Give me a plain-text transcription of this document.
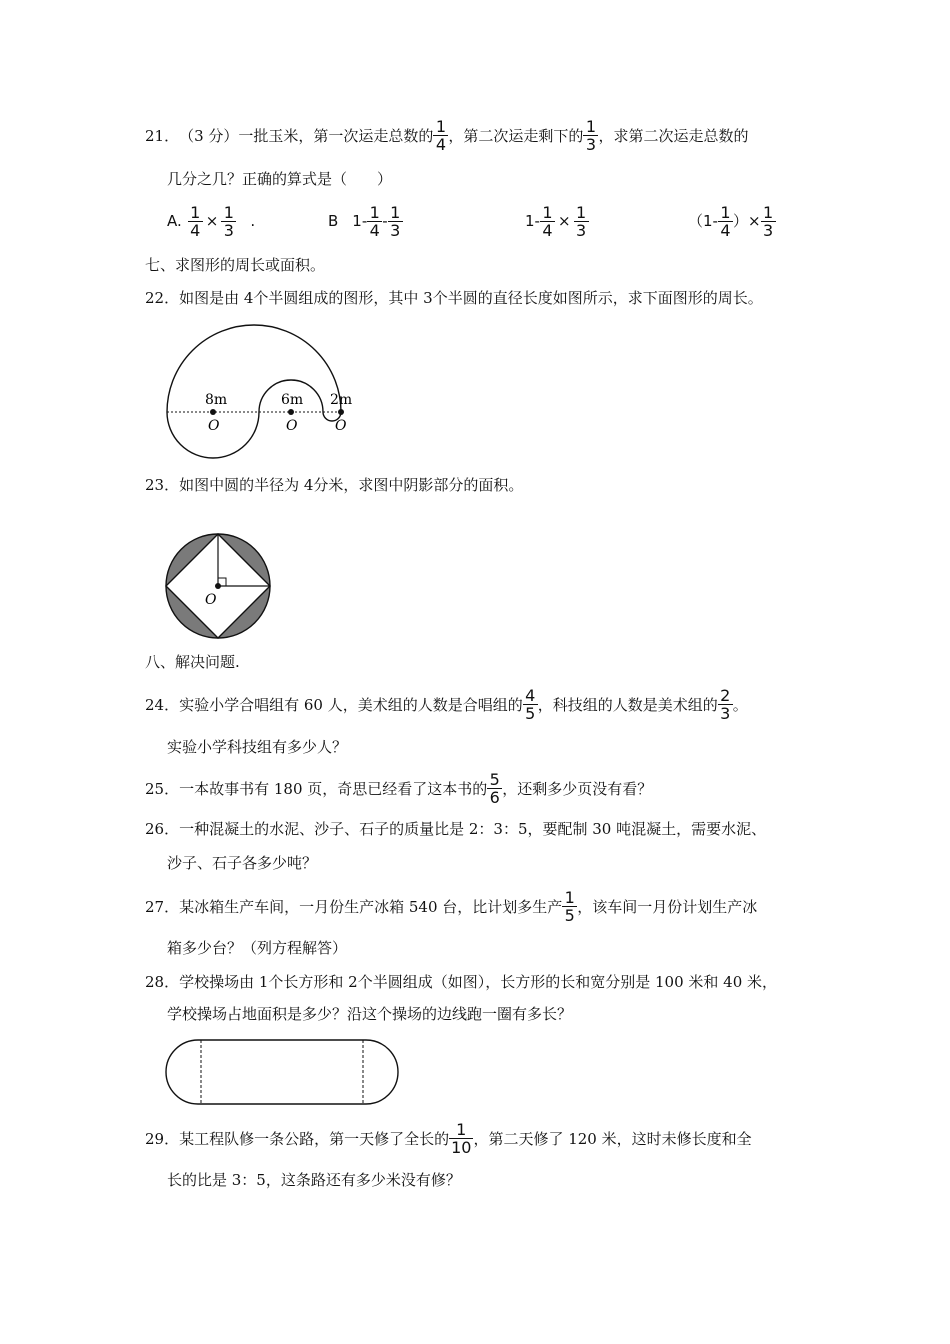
21．（3 分）一批玉米，第一次运走总数的 $\frac{1}{4}$ ，第二次运走剩下的 $\frac{1}{3}$ ，求第二次运走总数的
几分之几？正确的算式是（　　）
A. $\frac{1}{4} \times \frac{1}{3}$ .	B $1- \frac{1}{4} - \frac{1}{3}$	$1- \frac{1}{4} \times \frac{1}{3}$	（$1- \frac{1}{4}$ ）× $\frac{1}{3}$
七、求图形的周长或面积。
22．如图是由 4个半圆组成的图形，其中 3个半圆的直径长度如图所示，求下面图形的周长。
8m	6m 2m
O	O	O
23．如图中圆的半径为 4分米，求图中阴影部分的面积。
O
八、解决问题.
24．实验小学合唱组有 60 人，美术组的人数是合唱组的 $\frac{4}{5}$ ，科技组的人数是美术组的 $\frac{2}{3}$ 。
实验小学科技组有多少人？
25．一本故事书有 180 页，奇思已经看了这本书的 $\frac{5}{6}$ ，还剩多少页没有看？
26．一种混凝土的水泥、沙子、石子的质量比是 2：3：5，要配制 30 吨混凝土，需要水泥、
沙子、石子各多少吨？
27．某冰箱生产车间，一月份生产冰箱 540 台，比计划多生产 $\frac{1}{5}$ ，该车间一月份计划生产冰
箱多少台？（列方程解答）
28．学校操场由 1个长方形和 2个半圆组成（如图），长方形的长和宽分别是 100 米和 40 米，
学校操场占地面积是多少？沿这个操场的边线跑一圈有多长？
29．某工程队修一条公路，第一天修了全长的 $\frac{1}{10}$ ，第二天修了 120 米，这时未修长度和全
长的比是 3：5，这条路还有多少米没有修？
